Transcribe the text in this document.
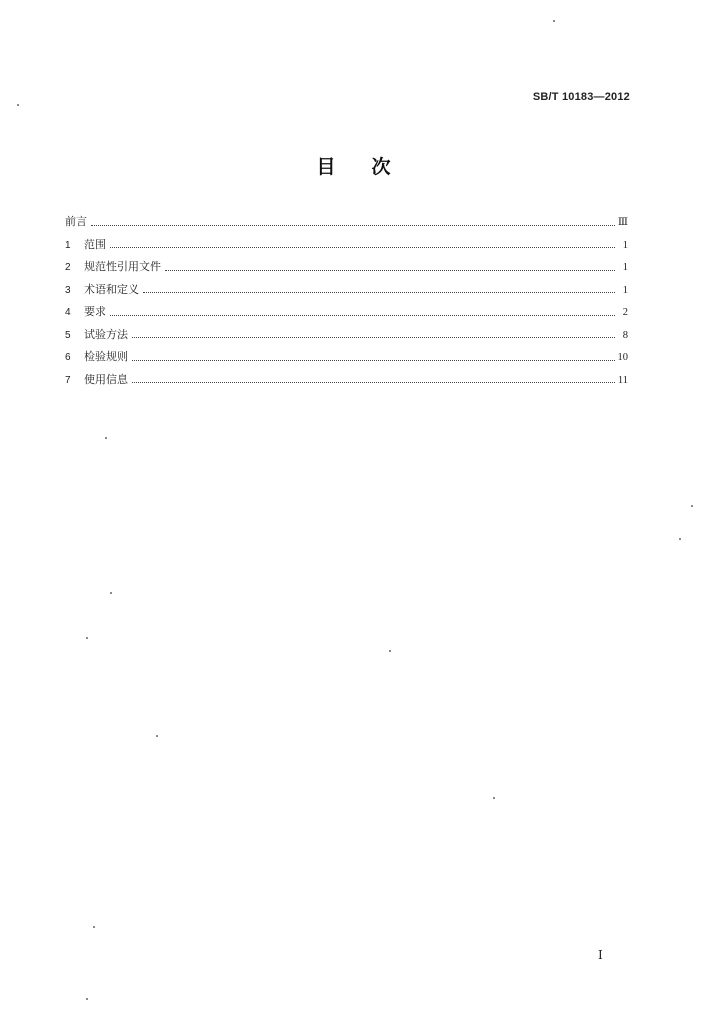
SB/T 10183—2012
目次
前言	Ⅲ
1	范围	1
2	规范性引用文件	1
3	术语和定义	1
4	要求	2
5	试验方法	8
6	检验规则	10
7	使用信息	11
I
